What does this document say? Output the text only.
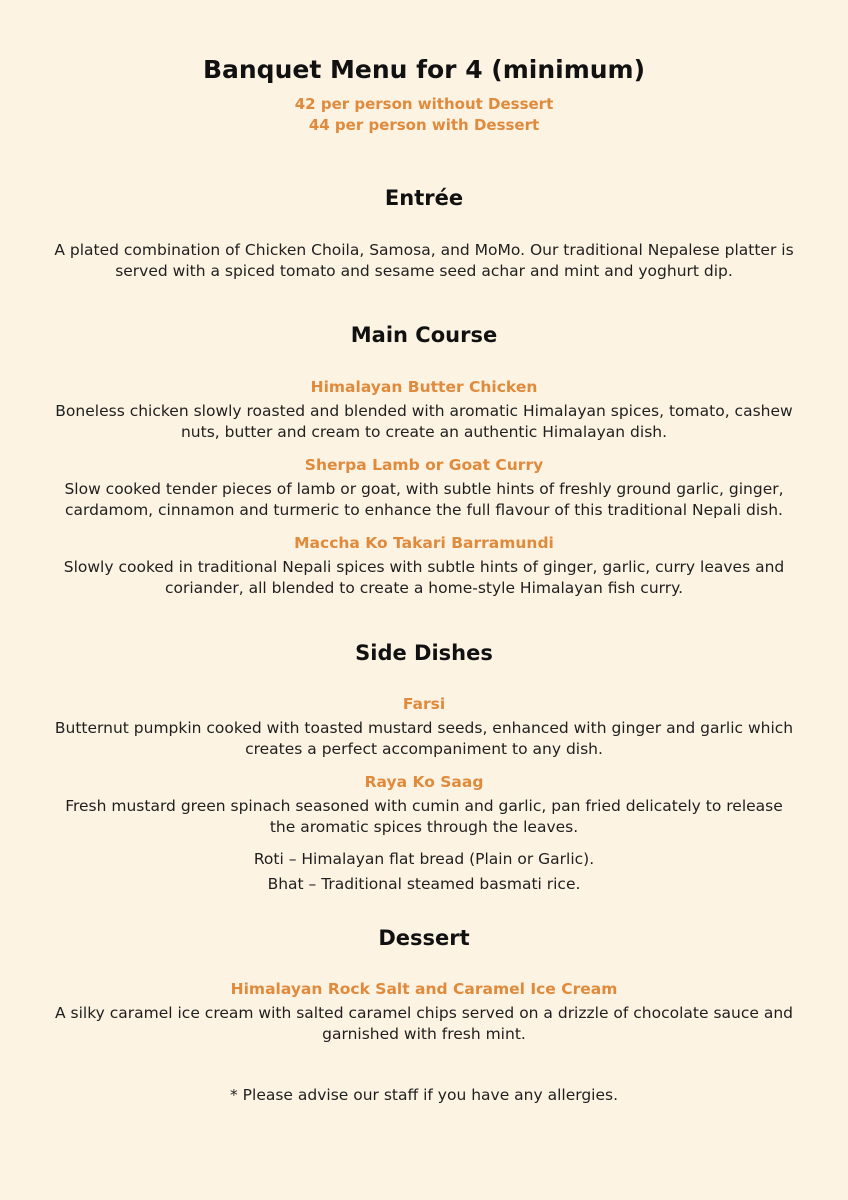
Banquet Menu for 4 (minimum)
42 per person without Dessert
44 per person with Dessert
Entrée
A plated combination of Chicken Choila, Samosa, and MoMo. Our traditional Nepalese platter is served with a spiced tomato and sesame seed achar and mint and yoghurt dip.
Main Course
Himalayan Butter Chicken
Boneless chicken slowly roasted and blended with aromatic Himalayan spices, tomato, cashew nuts, butter and cream to create an authentic Himalayan dish.
Sherpa Lamb or Goat Curry
Slow cooked tender pieces of lamb or goat, with subtle hints of freshly ground garlic, ginger, cardamom, cinnamon and turmeric to enhance the full flavour of this traditional Nepali dish.
Maccha Ko Takari Barramundi
Slowly cooked in traditional Nepali spices with subtle hints of ginger, garlic, curry leaves and coriander, all blended to create a home-style Himalayan fish curry.
Side Dishes
Farsi
Butternut pumpkin cooked with toasted mustard seeds, enhanced with ginger and garlic which creates a perfect accompaniment to any dish.
Raya Ko Saag
Fresh mustard green spinach seasoned with cumin and garlic, pan fried delicately to release the aromatic spices through the leaves.
Roti – Himalayan flat bread (Plain or Garlic).
Bhat – Traditional steamed basmati rice.
Dessert
Himalayan Rock Salt and Caramel Ice Cream
A silky caramel ice cream with salted caramel chips served on a drizzle of chocolate sauce and garnished with fresh mint.
* Please advise our staff if you have any allergies.
